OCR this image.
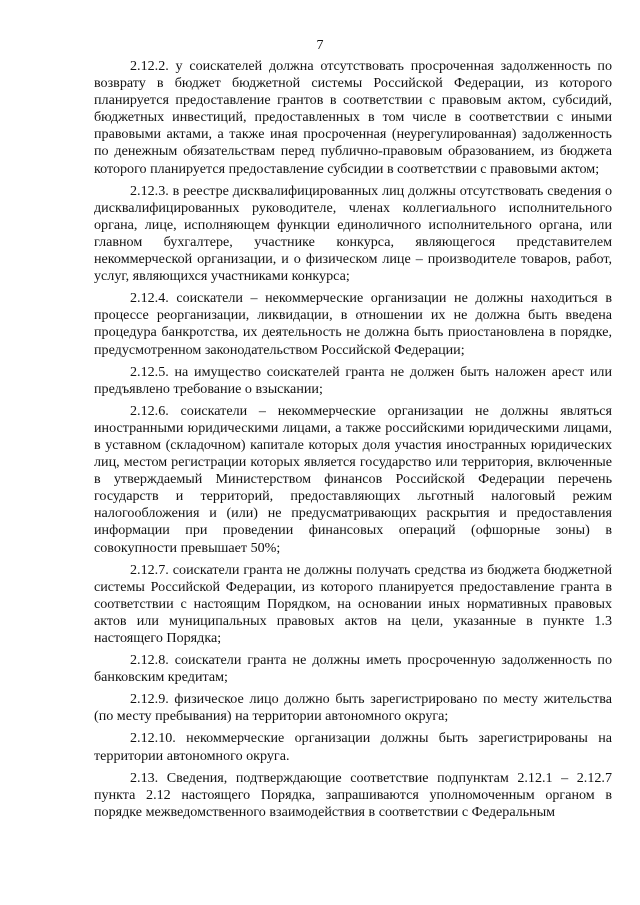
7

2.12.2. у соискателей должна отсутствовать просроченная задолженность по возврату в бюджет бюджетной системы Российской Федерации, из которого планируется предоставление грантов в соответствии с правовым актом, субсидий, бюджетных инвестиций, предоставленных в том числе в соответствии с иными правовыми актами, а также иная просроченная (неурегулированная) задолженность по денежным обязательствам перед публично-правовым образованием, из бюджета которого планируется предоставление субсидии в соответствии с правовыми актом;

2.12.3. в реестре дисквалифицированных лиц должны отсутствовать сведения о дисквалифицированных руководителе, членах коллегиального исполнительного органа, лице, исполняющем функции единоличного исполнительного органа, или главном бухгалтере, участнике конкурса, являющегося представителем некоммерческой организации, и о физическом лице – производителе товаров, работ, услуг, являющихся участниками конкурса;

2.12.4. соискатели – некоммерческие организации не должны находиться в процессе реорганизации, ликвидации, в отношении их не должна быть введена процедура банкротства, их деятельность не должна быть приостановлена в порядке, предусмотренном законодательством Российской Федерации;

2.12.5. на имущество соискателей гранта не должен быть наложен арест или предъявлено требование о взыскании;

2.12.6. соискатели – некоммерческие организации не должны являться иностранными юридическими лицами, а также российскими юридическими лицами, в уставном (складочном) капитале которых доля участия иностранных юридических лиц, местом регистрации которых является государство или территория, включенные в утверждаемый Министерством финансов Российской Федерации перечень государств и территорий, предоставляющих льготный налоговый режим налогообложения и (или) не предусматривающих раскрытия и предоставления информации при проведении финансовых операций (офшорные зоны) в совокупности превышает 50%;

2.12.7. соискатели гранта не должны получать средства из бюджета бюджетной системы Российской Федерации, из которого планируется предоставление гранта в соответствии с настоящим Порядком, на основании иных нормативных правовых актов или муниципальных правовых актов на цели, указанные в пункте 1.3 настоящего Порядка;

2.12.8. соискатели гранта не должны иметь просроченную задолженность по банковским кредитам;

2.12.9. физическое лицо должно быть зарегистрировано по месту жительства (по месту пребывания) на территории автономного округа;

2.12.10. некоммерческие организации должны быть зарегистрированы на территории автономного округа.

2.13. Сведения, подтверждающие соответствие подпунктам 2.12.1 – 2.12.7 пункта 2.12 настоящего Порядка, запрашиваются уполномоченным органом в порядке межведомственного взаимодействия в соответствии с Федеральным
